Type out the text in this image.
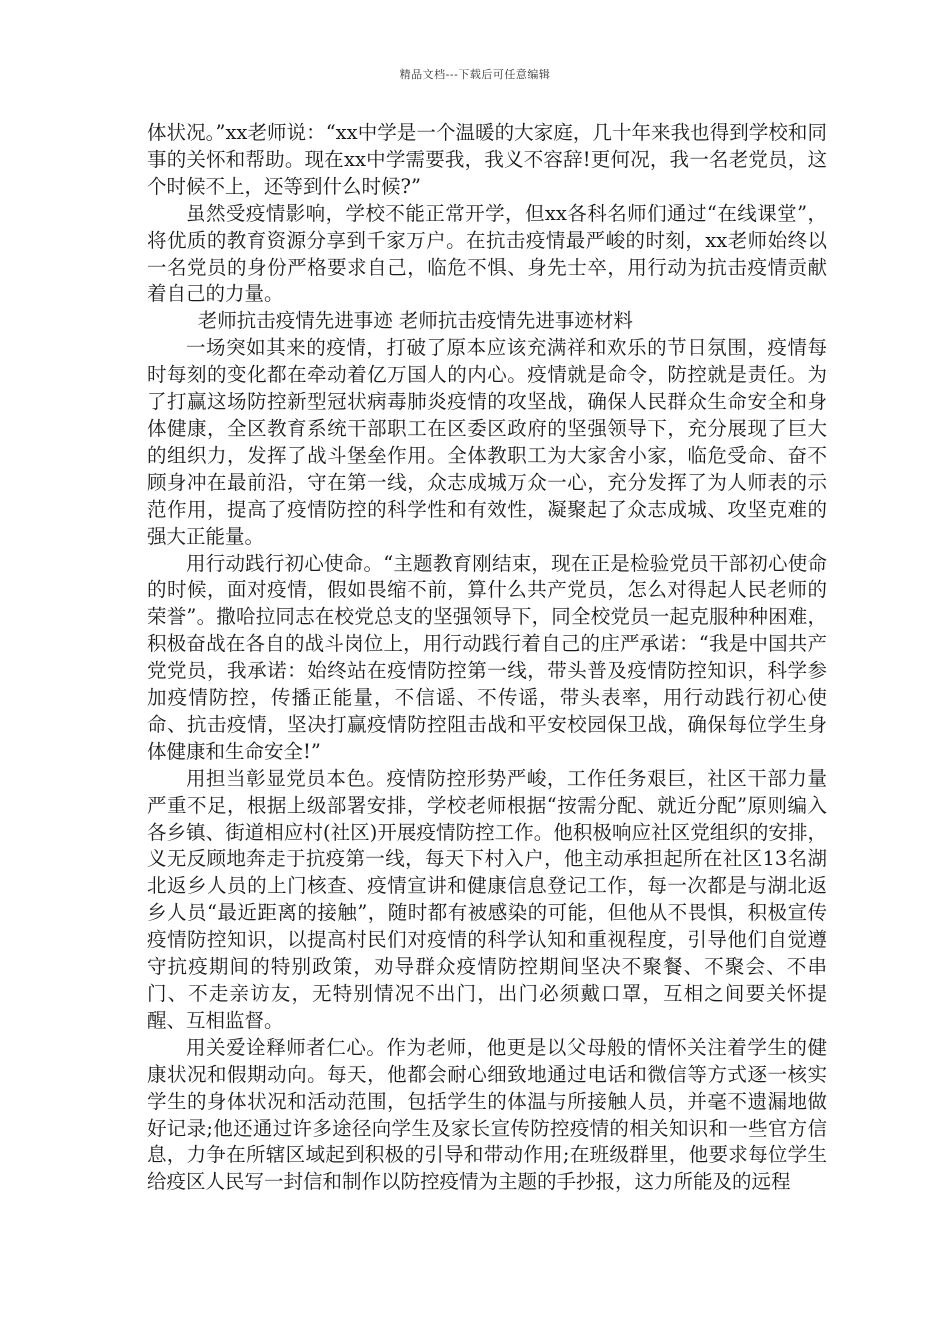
精品文档---下载后可任意编辑

体状况。”xx老师说：“xx中学是一个温暖的大家庭，几十年来我也得到学校和同事的关怀和帮助。现在xx中学需要我，我义不容辞!更何况，我一名老党员，这个时候不上，还等到什么时候?”

虽然受疫情影响，学校不能正常开学，但xx各科名师们通过“在线课堂”，将优质的教育资源分享到千家万户。在抗击疫情最严峻的时刻，xx老师始终以一名党员的身份严格要求自己，临危不惧、身先士卒，用行动为抗击疫情贡献着自己的力量。

老师抗击疫情先进事迹 老师抗击疫情先进事迹材料

一场突如其来的疫情，打破了原本应该充满祥和欢乐的节日氛围，疫情每时每刻的变化都在牵动着亿万国人的内心。疫情就是命令，防控就是责任。为了打赢这场防控新型冠状病毒肺炎疫情的攻坚战，确保人民群众生命安全和身体健康，全区教育系统干部职工在区委区政府的坚强领导下，充分展现了巨大的组织力，发挥了战斗堡垒作用。全体教职工为大家舍小家，临危受命、奋不顾身冲在最前沿，守在第一线，众志成城万众一心，充分发挥了为人师表的示范作用，提高了疫情防控的科学性和有效性，凝聚起了众志成城、攻坚克难的强大正能量。

用行动践行初心使命。“主题教育刚结束，现在正是检验党员干部初心使命的时候，面对疫情，假如畏缩不前，算什么共产党员，怎么对得起人民老师的荣誉”。撒哈拉同志在校党总支的坚强领导下，同全校党员一起克服种种困难，积极奋战在各自的战斗岗位上，用行动践行着自己的庄严承诺：“我是中国共产党党员，我承诺：始终站在疫情防控第一线，带头普及疫情防控知识，科学参加疫情防控，传播正能量，不信谣、不传谣，带头表率，用行动践行初心使命、抗击疫情，坚决打赢疫情防控阻击战和平安校园保卫战，确保每位学生身体健康和生命安全!”

用担当彰显党员本色。疫情防控形势严峻，工作任务艰巨，社区干部力量严重不足，根据上级部署安排，学校老师根据“按需分配、就近分配”原则编入各乡镇、街道相应村(社区)开展疫情防控工作。他积极响应社区党组织的安排，义无反顾地奔走于抗疫第一线，每天下村入户，他主动承担起所在社区13名湖北返乡人员的上门核查、疫情宣讲和健康信息登记工作，每一次都是与湖北返乡人员“最近距离的接触”，随时都有被感染的可能，但他从不畏惧，积极宣传疫情防控知识，以提高村民们对疫情的科学认知和重视程度，引导他们自觉遵守抗疫期间的特别政策，劝导群众疫情防控期间坚决不聚餐、不聚会、不串门、不走亲访友，无特别情况不出门，出门必须戴口罩，互相之间要关怀提醒、互相监督。

用关爱诠释师者仁心。作为老师，他更是以父母般的情怀关注着学生的健康状况和假期动向。每天，他都会耐心细致地通过电话和微信等方式逐一核实学生的身体状况和活动范围，包括学生的体温与所接触人员，并毫不遗漏地做好记录;他还通过许多途径向学生及家长宣传防控疫情的相关知识和一些官方信息，力争在所辖区域起到积极的引导和带动作用;在班级群里，他要求每位学生给疫区人民写一封信和制作以防控疫情为主题的手抄报，这力所能及的远程
